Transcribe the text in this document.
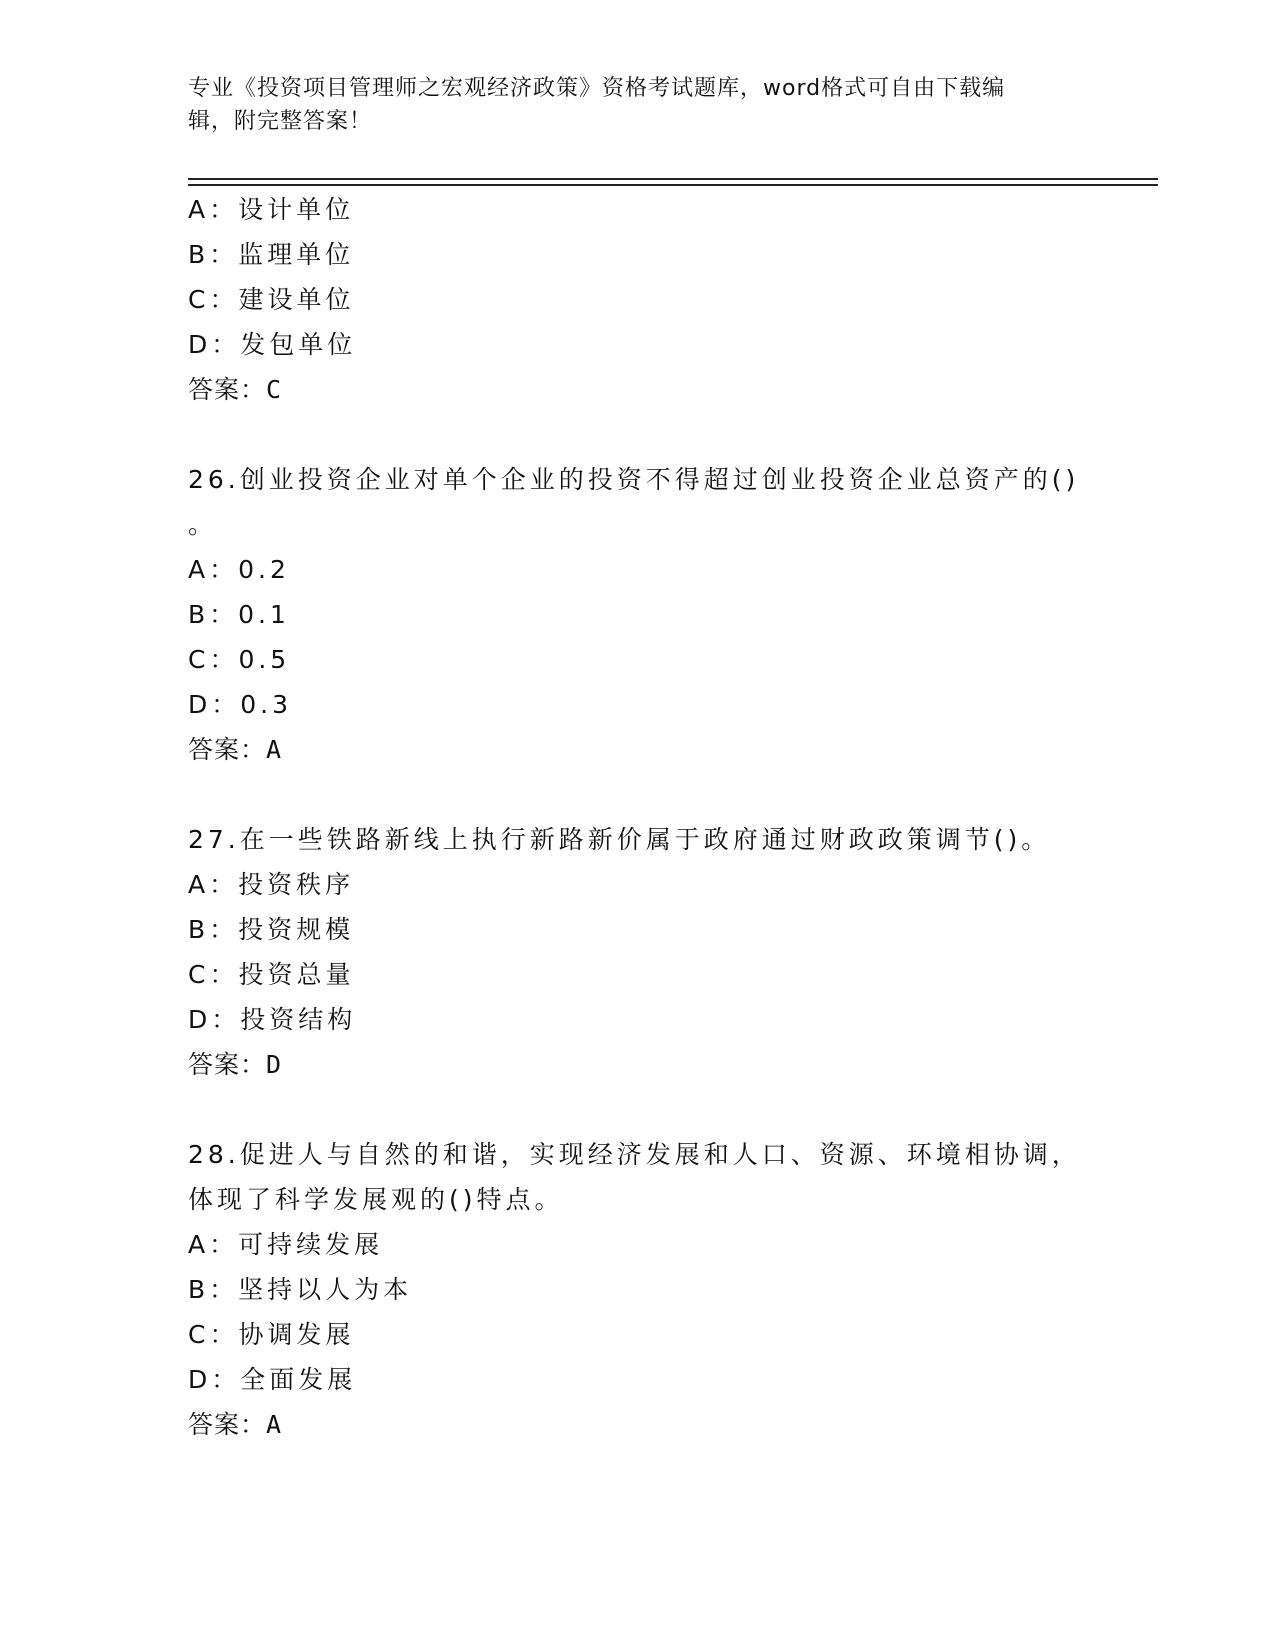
专业《投资项目管理师之宏观经济政策》资格考试题库，word格式可自由下载编
辑，附完整答案！
A：设计单位
B：监理单位
C：建设单位
D：发包单位
答案：C
26.创业投资企业对单个企业的投资不得超过创业投资企业总资产的()
。
A：0.2
B：0.1
C：0.5
D：0.3
答案：A
27.在一些铁路新线上执行新路新价属于政府通过财政政策调节()。
A：投资秩序
B：投资规模
C：投资总量
D：投资结构
答案：D
28.促进人与自然的和谐，实现经济发展和人口、资源、环境相协调，
体现了科学发展观的()特点。
A：可持续发展
B：坚持以人为本
C：协调发展
D：全面发展
答案：A
